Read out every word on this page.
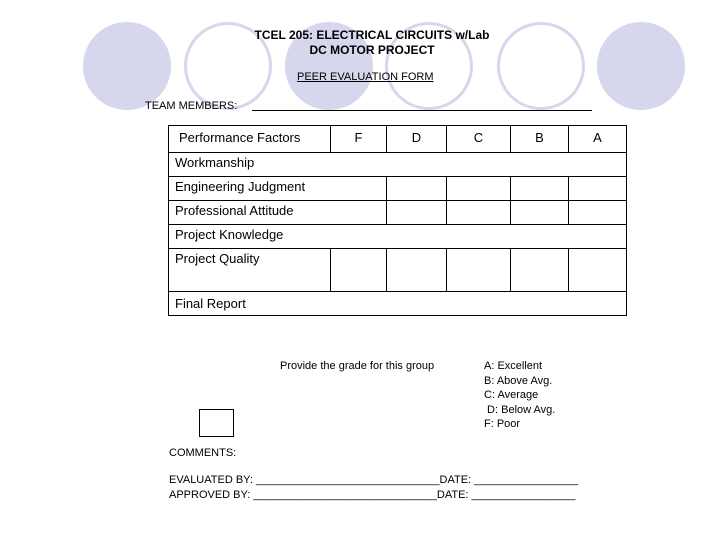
TCEL 205: ELECTRICAL CIRCUITS w/Lab
DC MOTOR PROJECT
PEER EVALUATION FORM
TEAM MEMBERS:
Performance Factors	F	D	C	B	A
Workmanship					
Engineering Judgment					
Professional Attitude					
Project Knowledge					
Project Quality					
Final Report					
Provide the grade for this group	A: Excellent
B: Above Avg.
C: Average
D: Below Avg.
F: Poor
COMMENTS:
EVALUATED BY: ______________________________DATE: _________________
APPROVED BY: ______________________________DATE: _________________
